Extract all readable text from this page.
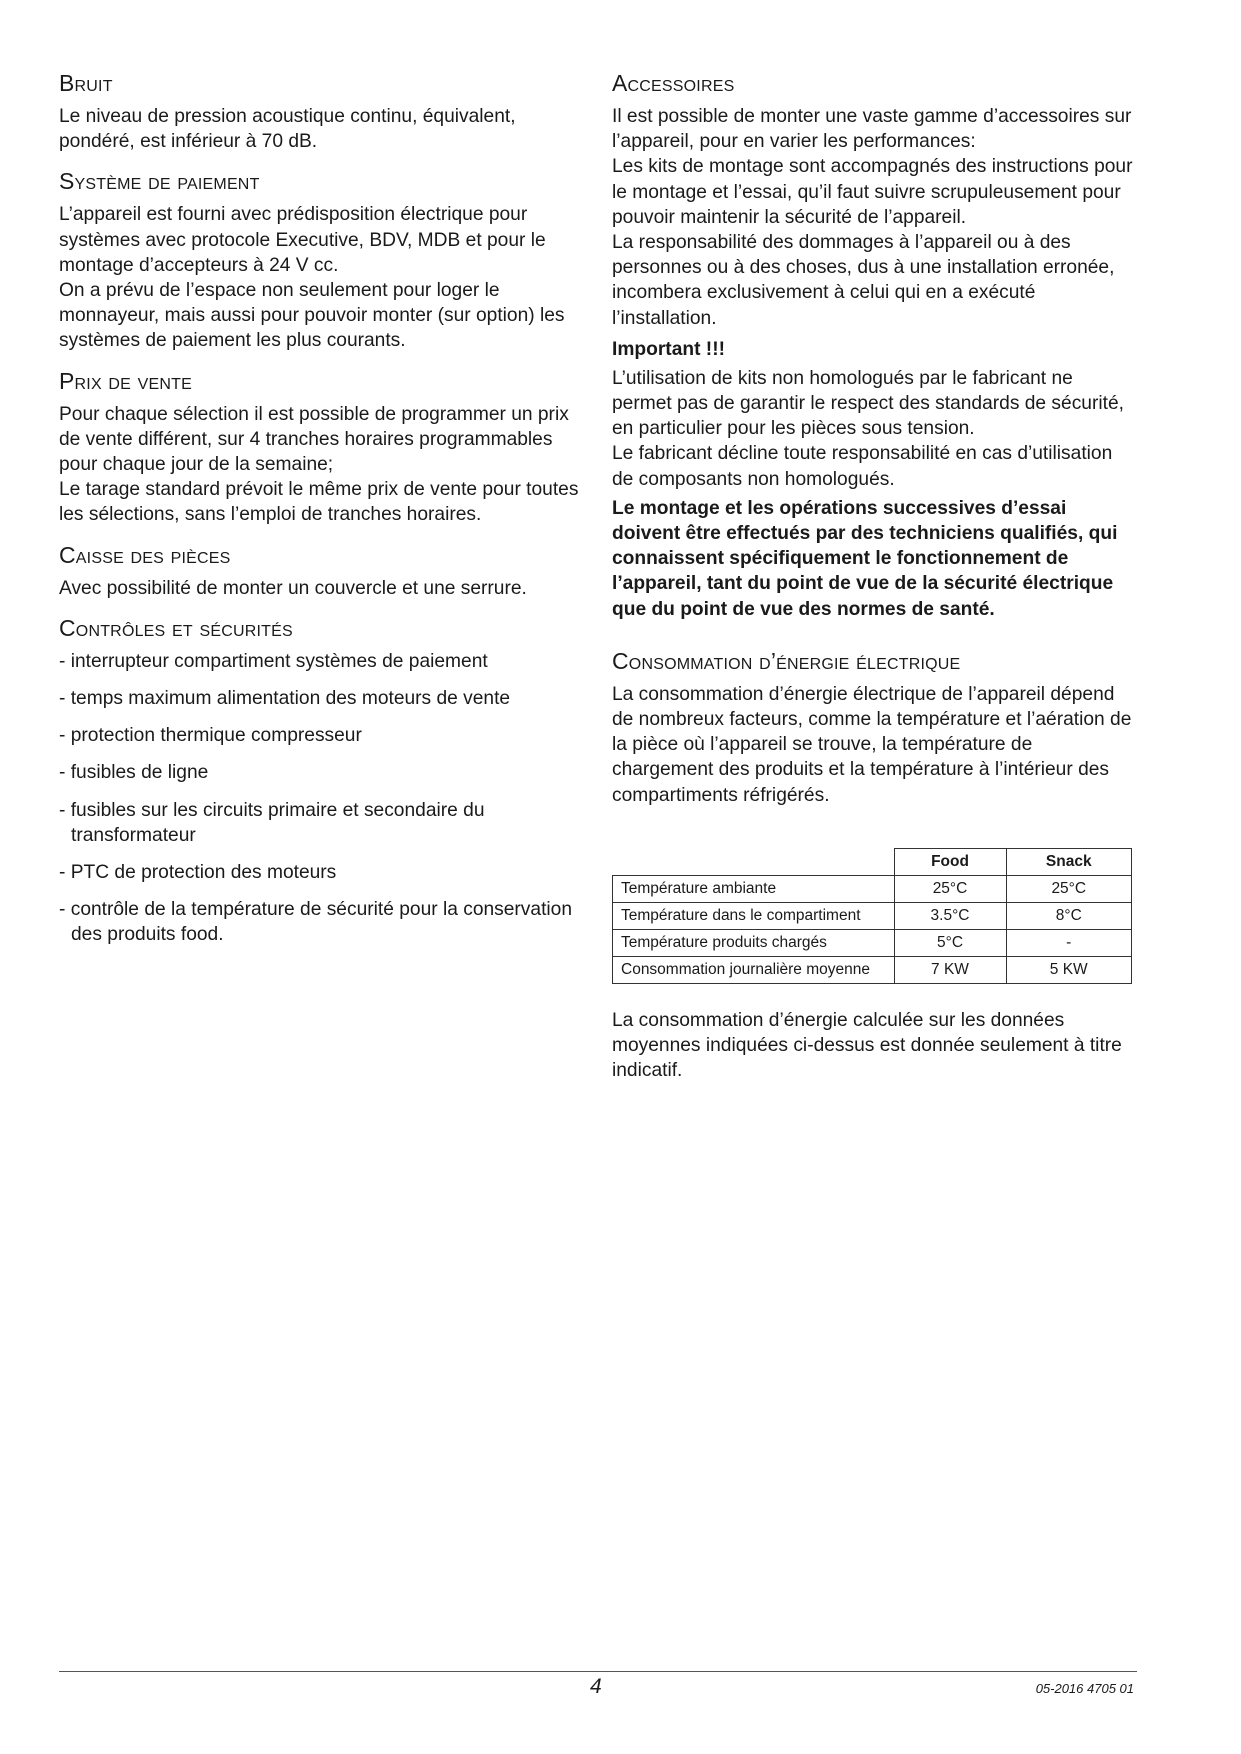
Bruit

Le niveau de pression acoustique continu, équivalent, pondéré, est inférieur à 70 dB.

Système de paiement

L’appareil est fourni avec prédisposition électrique pour systèmes avec protocole Executive, BDV, MDB et pour le montage d’accepteurs à 24 V cc.

On a prévu de l’espace non seulement pour loger le monnayeur, mais aussi pour pouvoir monter (sur option) les systèmes de paiement les plus courants.

Prix de vente

Pour chaque sélection il est possible de programmer un prix de vente différent, sur 4 tranches horaires programmables pour chaque jour de la semaine;

Le tarage standard prévoit le même prix de vente pour toutes les sélections, sans l’emploi de tranches horaires.

Caisse des pièces

Avec possibilité de monter un couvercle et une serrure.

Contrôles et sécurités
- interrupteur compartiment systèmes de paiement
- temps maximum alimentation des moteurs de vente
- protection thermique compresseur
- fusibles de ligne
- fusibles sur les circuits primaire et secondaire du transformateur
- PTC de protection des moteurs
- contrôle de la température de sécurité pour la conservation des produits food.
Accessoires

Il est possible de monter une vaste gamme d’accessoires sur l’appareil, pour en varier les performances:

Les kits de montage sont accompagnés des instructions pour le montage et l’essai, qu’il faut suivre scrupuleusement pour pouvoir maintenir la sécurité de l’appareil.

La responsabilité des dommages à l’appareil ou à des personnes ou à des choses, dus à une installation erronée, incombera exclusivement à celui qui en a exécuté l’installation.

Important !!!

L’utilisation de kits non homologués par le fabricant ne permet pas de garantir le respect des standards de sécurité, en particulier pour les pièces sous tension.

Le fabricant décline toute responsabilité en cas d’utilisation de composants non homologués.

Le montage et les opérations successives d’essai doivent être effectués par des techniciens qualifiés, qui connaissent spécifiquement le fonctionnement de l’appareil, tant du point de vue de la sécurité électrique que du point de vue des normes de santé.

Consommation d’énergie électrique

La consommation d’énergie électrique de l’appareil dépend de nombreux facteurs, comme la température et l’aération de la pièce où l’appareil se trouve, la température de chargement des produits et la température à l’intérieur des compartiments réfrigérés.

	Food	Snack
Température ambiante	25°C	25°C
Température dans le compartiment	3.5°C	8°C
Température produits chargés	5°C	-
Consommation journalière moyenne	7 KW	5 KW

La consommation d’énergie calculée sur les données moyennes indiquées ci-dessus est donnée seulement à titre indicatif.

4	05-2016 4705 01
